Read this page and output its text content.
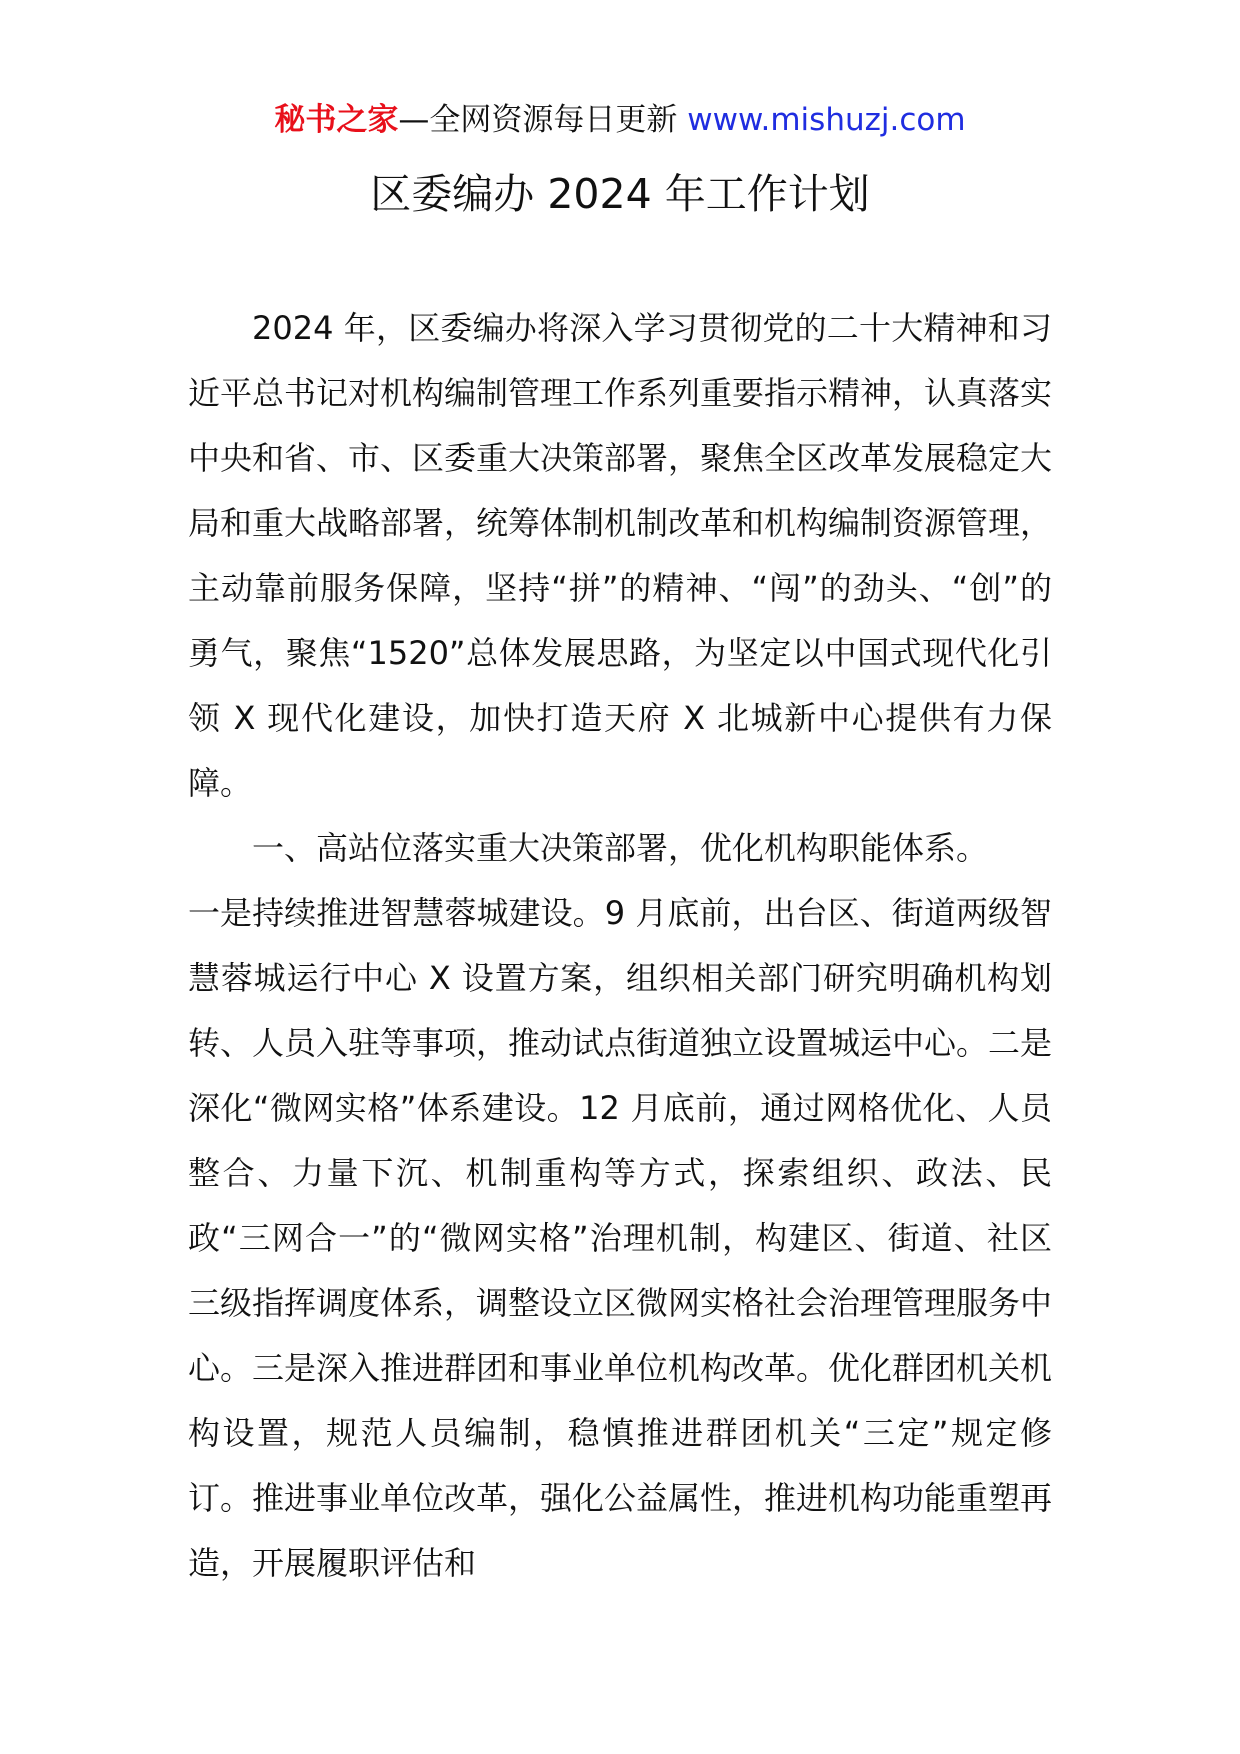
秘书之家—全网资源每日更新 www.mishuzj.com
区委编办 2024 年工作计划

2024 年，区委编办将深入学习贯彻党的二十大精神和习近平总书记对机构编制管理工作系列重要指示精神，认真落实中央和省、市、区委重大决策部署，聚焦全区改革发展稳定大局和重大战略部署，统筹体制机制改革和机构编制资源管理，主动靠前服务保障，坚持“拼”的精神、“闯”的劲头、“创”的勇气，聚焦“1520”总体发展思路，为坚定以中国式现代化引领 X 现代化建设，加快打造天府 X 北城新中心提供有力保障。

一、高站位落实重大决策部署，优化机构职能体系。

一是持续推进智慧蓉城建设。9 月底前，出台区、街道两级智慧蓉城运行中心 X 设置方案，组织相关部门研究明确机构划转、人员入驻等事项，推动试点街道独立设置城运中心。二是深化“微网实格”体系建设。12 月底前，通过网格优化、人员整合、力量下沉、机制重构等方式，探索组织、政法、民政“三网合一”的“微网实格”治理机制，构建区、街道、社区三级指挥调度体系，调整设立区微网实格社会治理管理服务中心。三是深入推进群团和事业单位机构改革。优化群团机关机构设置，规范人员编制，稳慎推进群团机关“三定”规定修订。推进事业单位改革，强化公益属性，推进机构功能重塑再造，开展履职评估和
